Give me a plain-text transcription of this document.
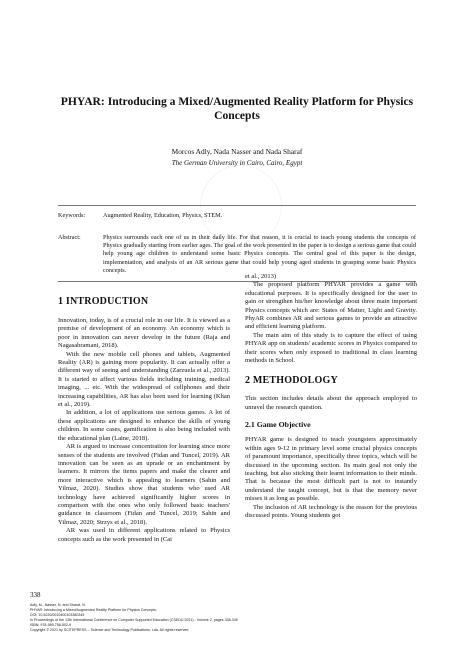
PHYAR: Introducing a Mixed/Augmented Reality Platform for Physics Concepts
Morcos Adly, Nada Nasser and Nada Sharaf
The German University in Cairo, Cairo, Egypt
Keywords:	Augmented Reality, Education, Physics, STEM.
Abstract:	Physics surrounds each one of us in their daily life. For that reason, it is crucial to teach young students the concepts of Physics gradually starting from earlier ages. The goal of the work presented in the paper is to design a serious game that could help young age children to understand some basic Physics concepts. The central goal of this paper is the design, implementation, and analysis of an AR serious game that could help young aged students in grasping some basic Physics concepts.
1 INTRODUCTION

Innovation, today, is of a crucial role in our life. It is viewed as a premise of development of an economy. An economy which is poor in innovation can never develop in the future (Raja and Nagasabramani, 2018).

With the new mobile cell phones and tablets, Augmented Reality (AR) is gaining more popularity. It can actually offer a different way of seeing and understanding (Zarzuela et al., 2013). It is started to affect various fields including training, medical imaging, ... etc. With the widespread of cellphones and their increasing capabilities, AR has also been used for learning (Khan et al., 2019).

In addition, a lot of applications use serious games. A lot of these applications are designed to enhance the skills of young children. In some cases, gamification is also being included with the educational plan (Laine, 2018).

AR is argued to increase concentration for learning since more senses of the students are involved (Fidan and Tuncel, 2019). AR innovation can be seen as an uprade or an enchantment by learners. It mirrors the items papers and make the clearer and more interactive which is appealing to learners (Sahin and Yilmaz, 2020). Studies show that students who used AR technology have achieved significantly higher scores in comparison with the ones who only followed basic teachers' guidance in classroom (Fidan and Tuncel, 2019; Sahin and Yilmaz, 2020; Strzys et al., 2018).

AR was used in different applications related to Physics concepts such as the work presented in (Cai

et al., 2013)

The proposed platform PHYAR provides a game with educational purposes. It is specifically designed for the user to gain or strengthen his/her knowledge about three main important Physics concepts which are: States of Matter, Light and Gravity. PhyAR combines AR and serious games to provide an attractive and efficient learning platform.

The main aim of this study is to capture the effect of using PHYAR app on students' academic scores in Physics compared to their scores when only exposed to traditional in class learning methods in School.

2 METHODOLOGY

This section includes details about the approach employed to unravel the research question.

2.1 Game Objective

PHYAR game is designed to teach youngsters approximately within ages 9-12 in primary level some crucial physics concepts of paramount importance, specifically three topics, which will be discussed in the upcoming section. Its main goal not only the teaching, but also sticking their learnt information to their minds. That is because the most difficult part is not to instantly understand the taught concept, but is that the memory never misses it as long as possible.

The inclusion of AR technology is the reason for the previous discussed points. Young students got

338
Adly, M., Nasser, N. and Sharaf, N.
PHYAR: Introducing a Mixed/Augmented Reality Platform for Physics Concepts.
DOI: 10.5220/0010400103380345
In Proceedings of the 13th International Conference on Computer Supported Education (CSEDU 2021) - Volume 2, pages 338-345
ISBN: 978-989-758-502-9
Copyright © 2021 by SCITEPRESS – Science and Technology Publications, Lda. All rights reserved
